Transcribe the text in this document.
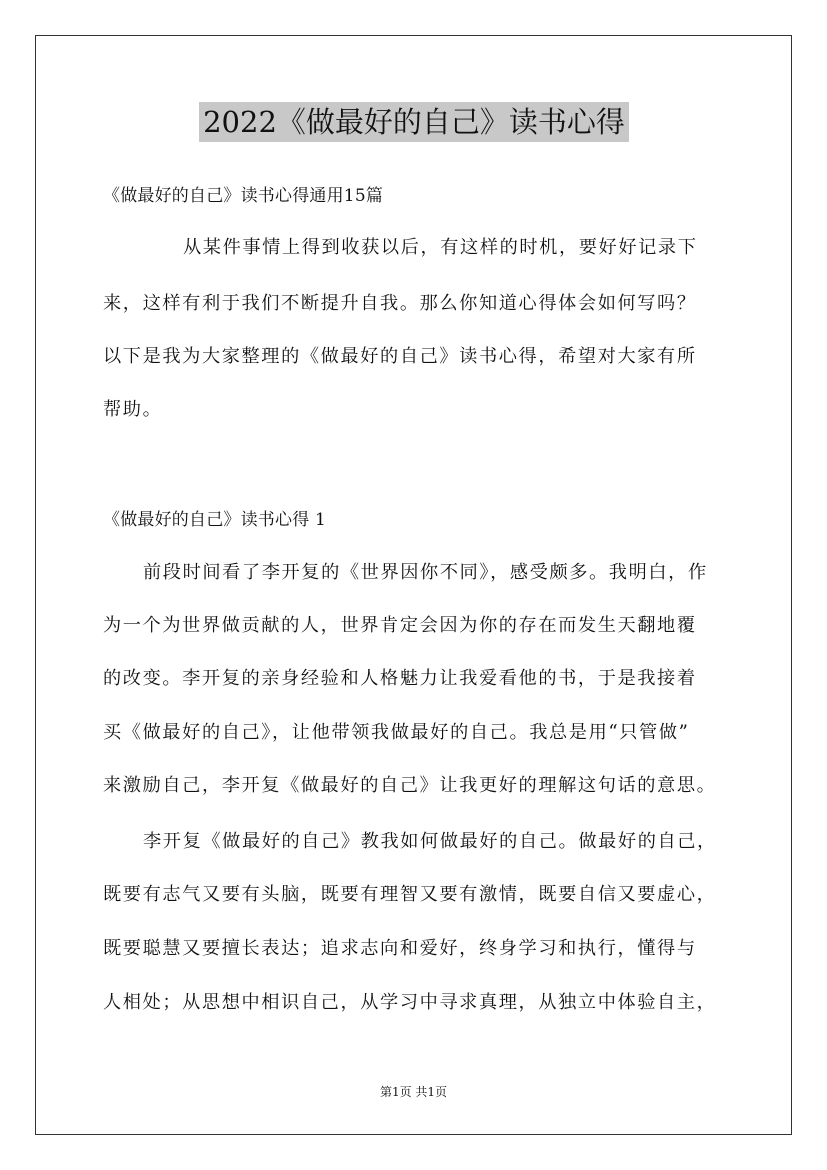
2022《做最好的自己》读书心得
《做最好的自己》读书心得通用15篇
从某件事情上得到收获以后，有这样的时机，要好好记录下
来，这样有利于我们不断提升自我。那么你知道心得体会如何写吗？
以下是我为大家整理的《做最好的自己》读书心得，希望对大家有所
帮助。
《做最好的自己》读书心得 1
前段时间看了李开复的《世界因你不同》，感受颇多。我明白，作
为一个为世界做贡献的人，世界肯定会因为你的存在而发生天翻地覆
的改变。李开复的亲身经验和人格魅力让我爱看他的书，于是我接着
买《做最好的自己》，让他带领我做最好的自己。我总是用“只管做”
来激励自己，李开复《做最好的自己》让我更好的理解这句话的意思。
李开复《做最好的自己》教我如何做最好的自己。做最好的自己，
既要有志气又要有头脑，既要有理智又要有激情，既要自信又要虚心，
既要聪慧又要擅长表达；追求志向和爱好，终身学习和执行，懂得与
人相处；从思想中相识自己，从学习中寻求真理，从独立中体验自主，
第1页 共1页
